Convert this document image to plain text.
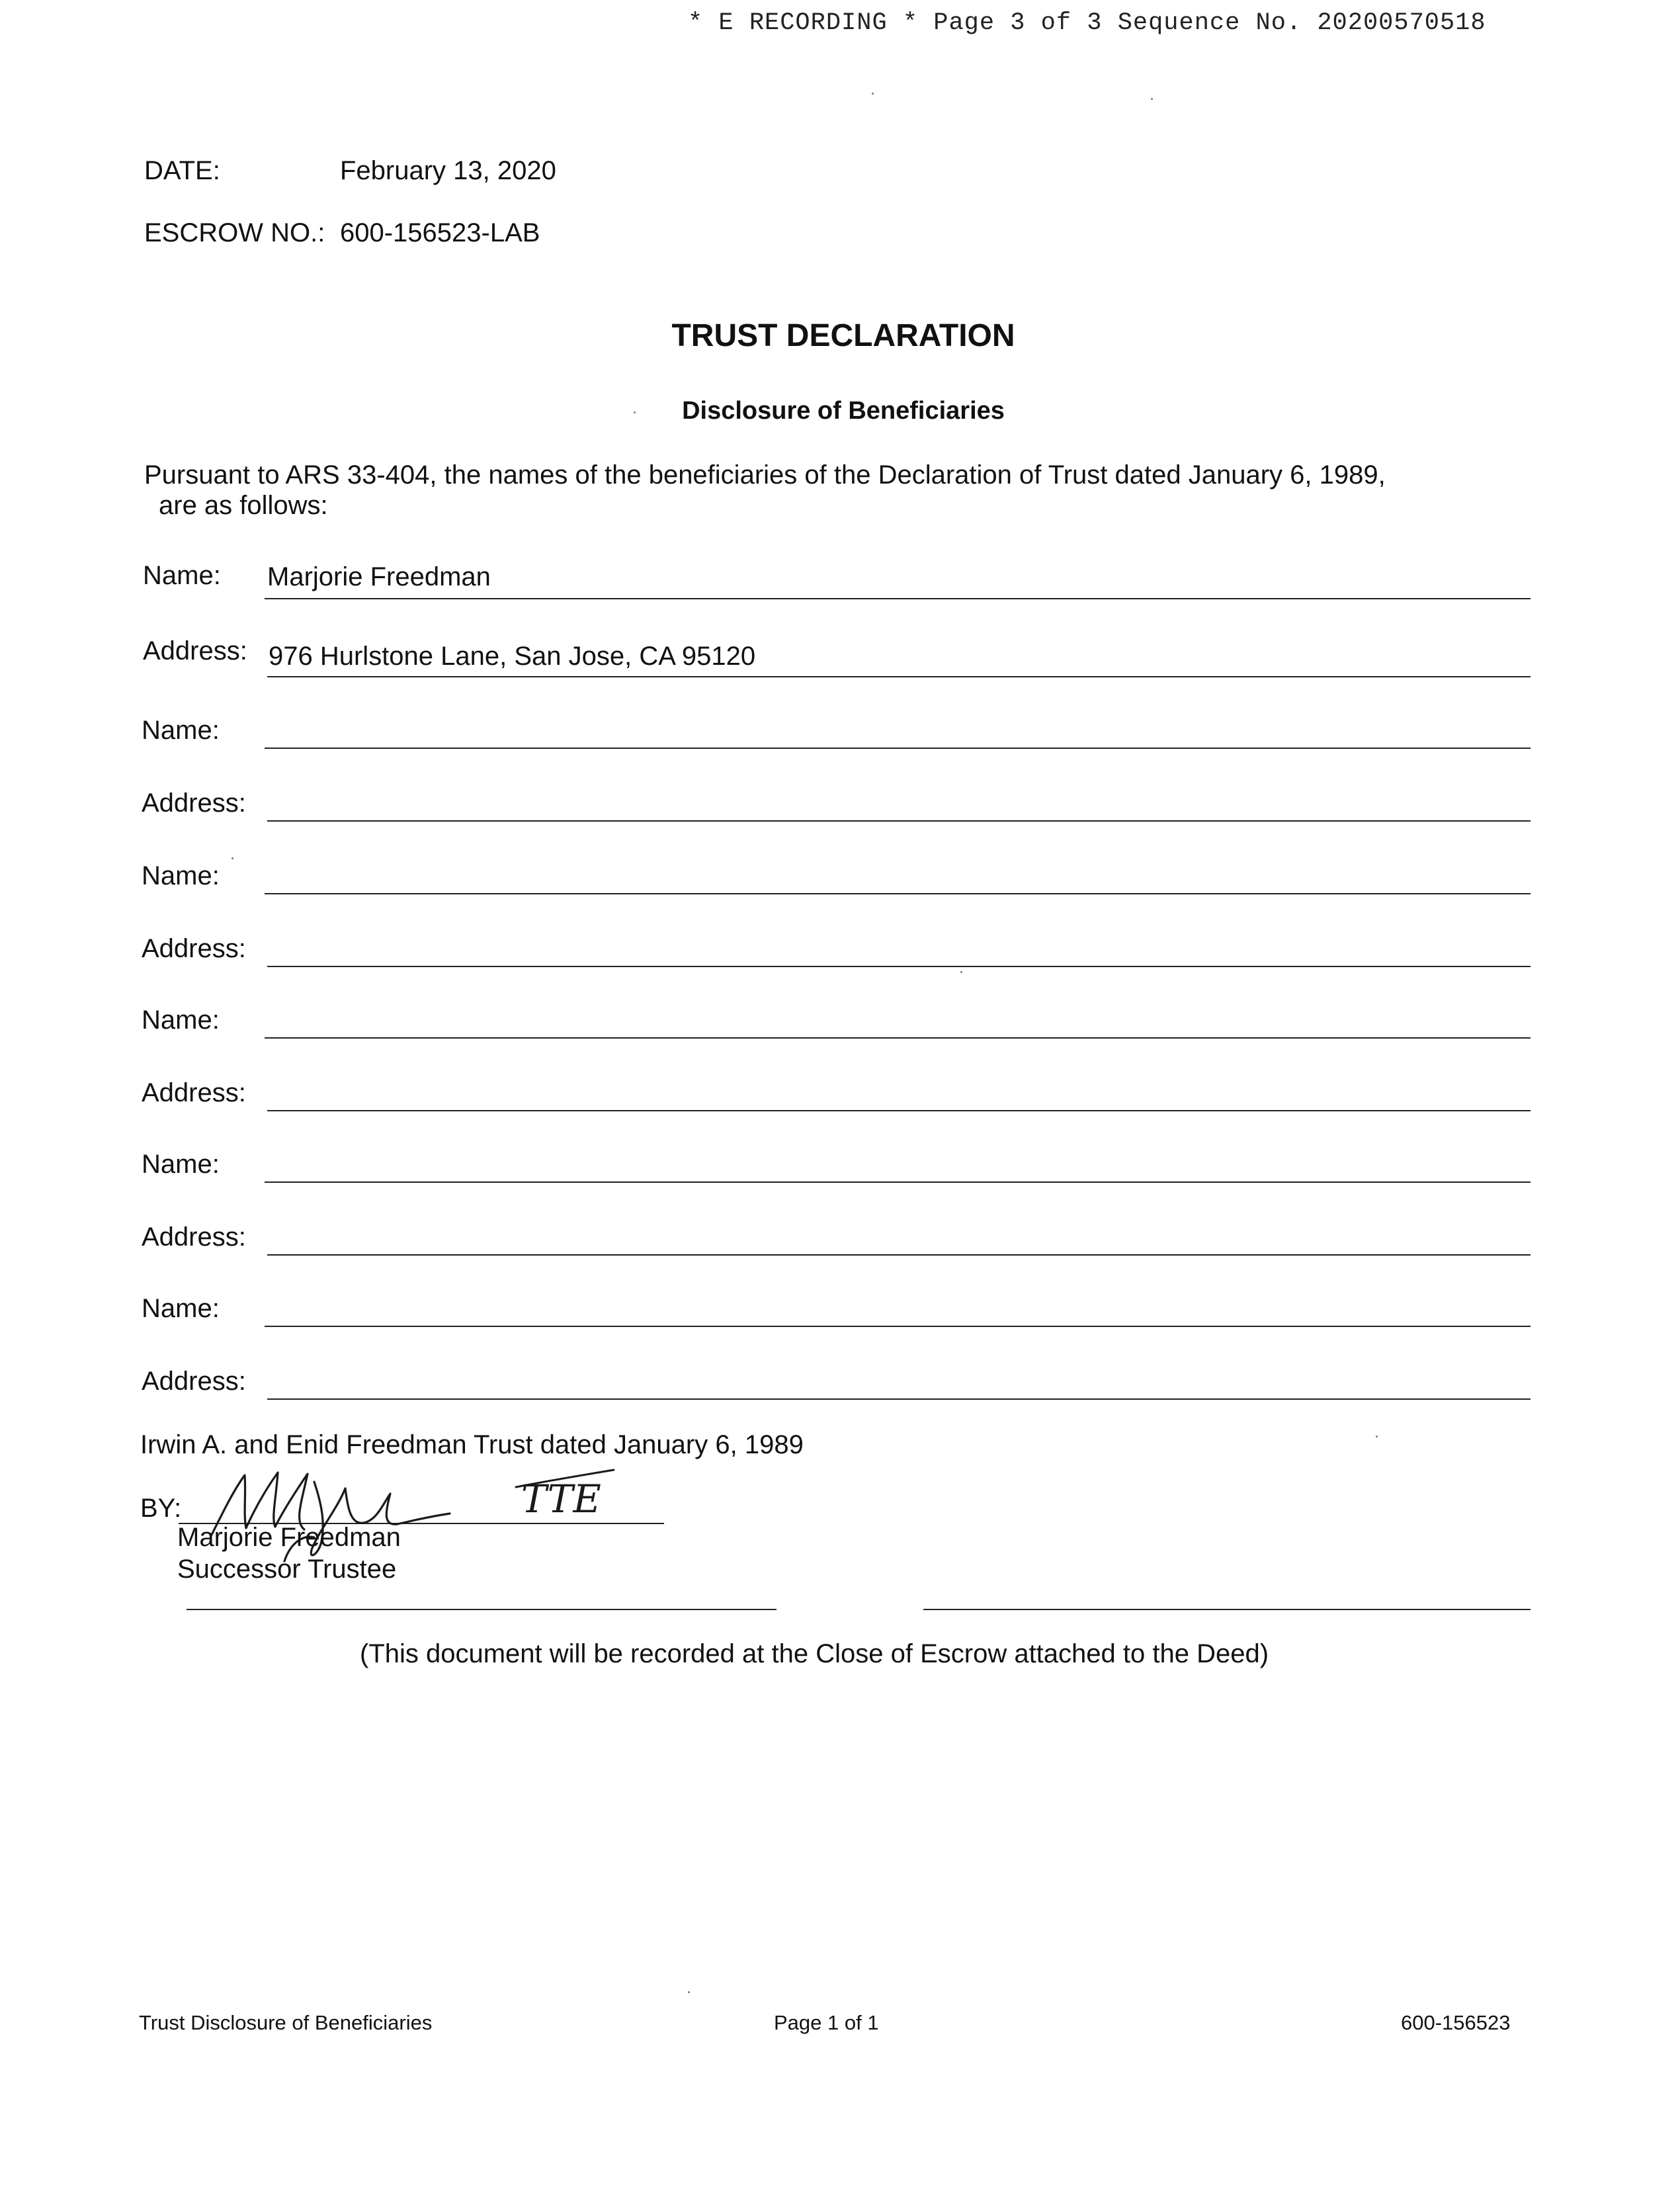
* E RECORDING * Page 3 of 3 Sequence No. 20200570518
DATE:	February 13, 2020
ESCROW NO.: 600-156523-LAB
TRUST DECLARATION
Disclosure of Beneficiaries
Pursuant to ARS 33-404, the names of the beneficiaries of the Declaration of Trust dated January 6, 1989,
are as follows:
Name: Marjorie Freedman
Address: 976 Hurlstone Lane, San Jose, CA 95120
Name:
Address:
Name:
Address:
Name:
Address:
Name:
Address:
Name:
Address:
Irwin A. and Enid Freedman Trust dated January 6, 1989
BY:	TTE
Marjorie Freedman
Successor Trustee
(This document will be recorded at the Close of Escrow attached to the Deed)
Trust Disclosure of Beneficiaries	Page 1 of 1	600-156523
